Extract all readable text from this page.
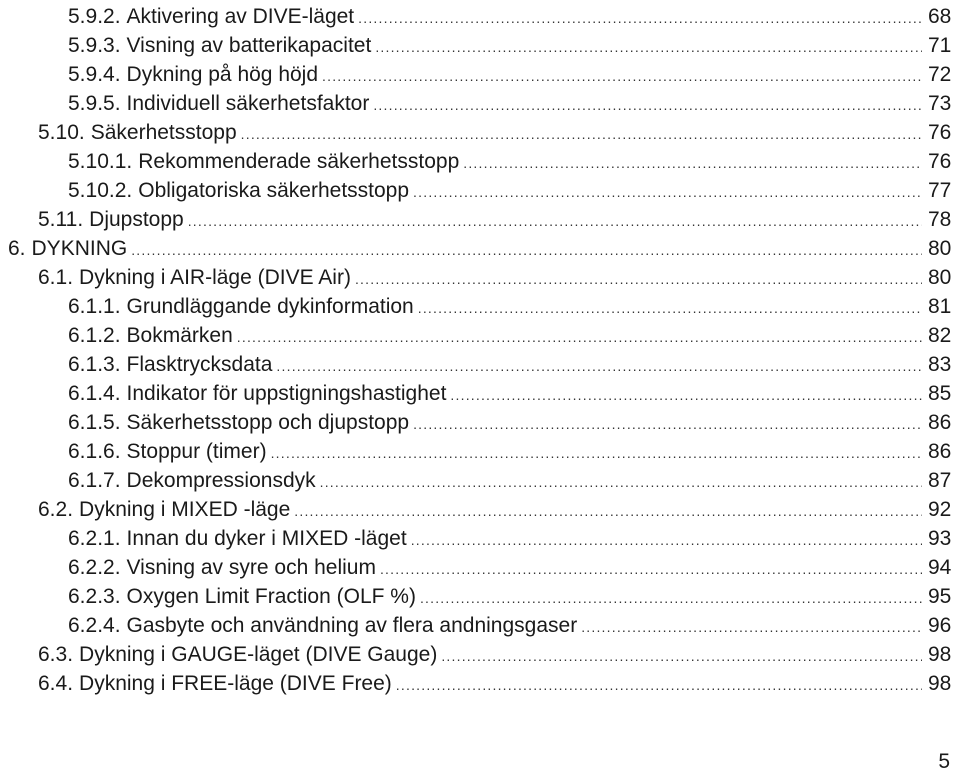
5.9.2. Aktivering av DIVE-läget .....	68
5.9.3. Visning av batterikapacitet .....	71
5.9.4. Dykning på hög höjd .....	72
5.9.5. Individuell säkerhetsfaktor .....	73
5.10. Säkerhetsstopp .....	76
5.10.1. Rekommenderade säkerhetsstopp .....	76
5.10.2. Obligatoriska säkerhetsstopp .....	77
5.11. Djupstopp .....	78
6. DYKNING .....	80
6.1. Dykning i AIR-läge (DIVE Air) .....	80
6.1.1. Grundläggande dykinformation .....	81
6.1.2. Bokmärken .....	82
6.1.3. Flasktrycksdata .....	83
6.1.4. Indikator för uppstigningshastighet .....	85
6.1.5. Säkerhetsstopp och djupstopp .....	86
6.1.6. Stoppur (timer) .....	86
6.1.7. Dekompressionsdyk .....	87
6.2. Dykning i MIXED -läge .....	92
6.2.1. Innan du dyker i MIXED -läget .....	93
6.2.2. Visning av syre och helium .....	94
6.2.3. Oxygen Limit Fraction (OLF %) .....	95
6.2.4. Gasbyte och användning av flera andningsgaser .....	96
6.3. Dykning i GAUGE-läget (DIVE Gauge) .....	98
6.4. Dykning i FREE-läge (DIVE Free) .....	98
5
